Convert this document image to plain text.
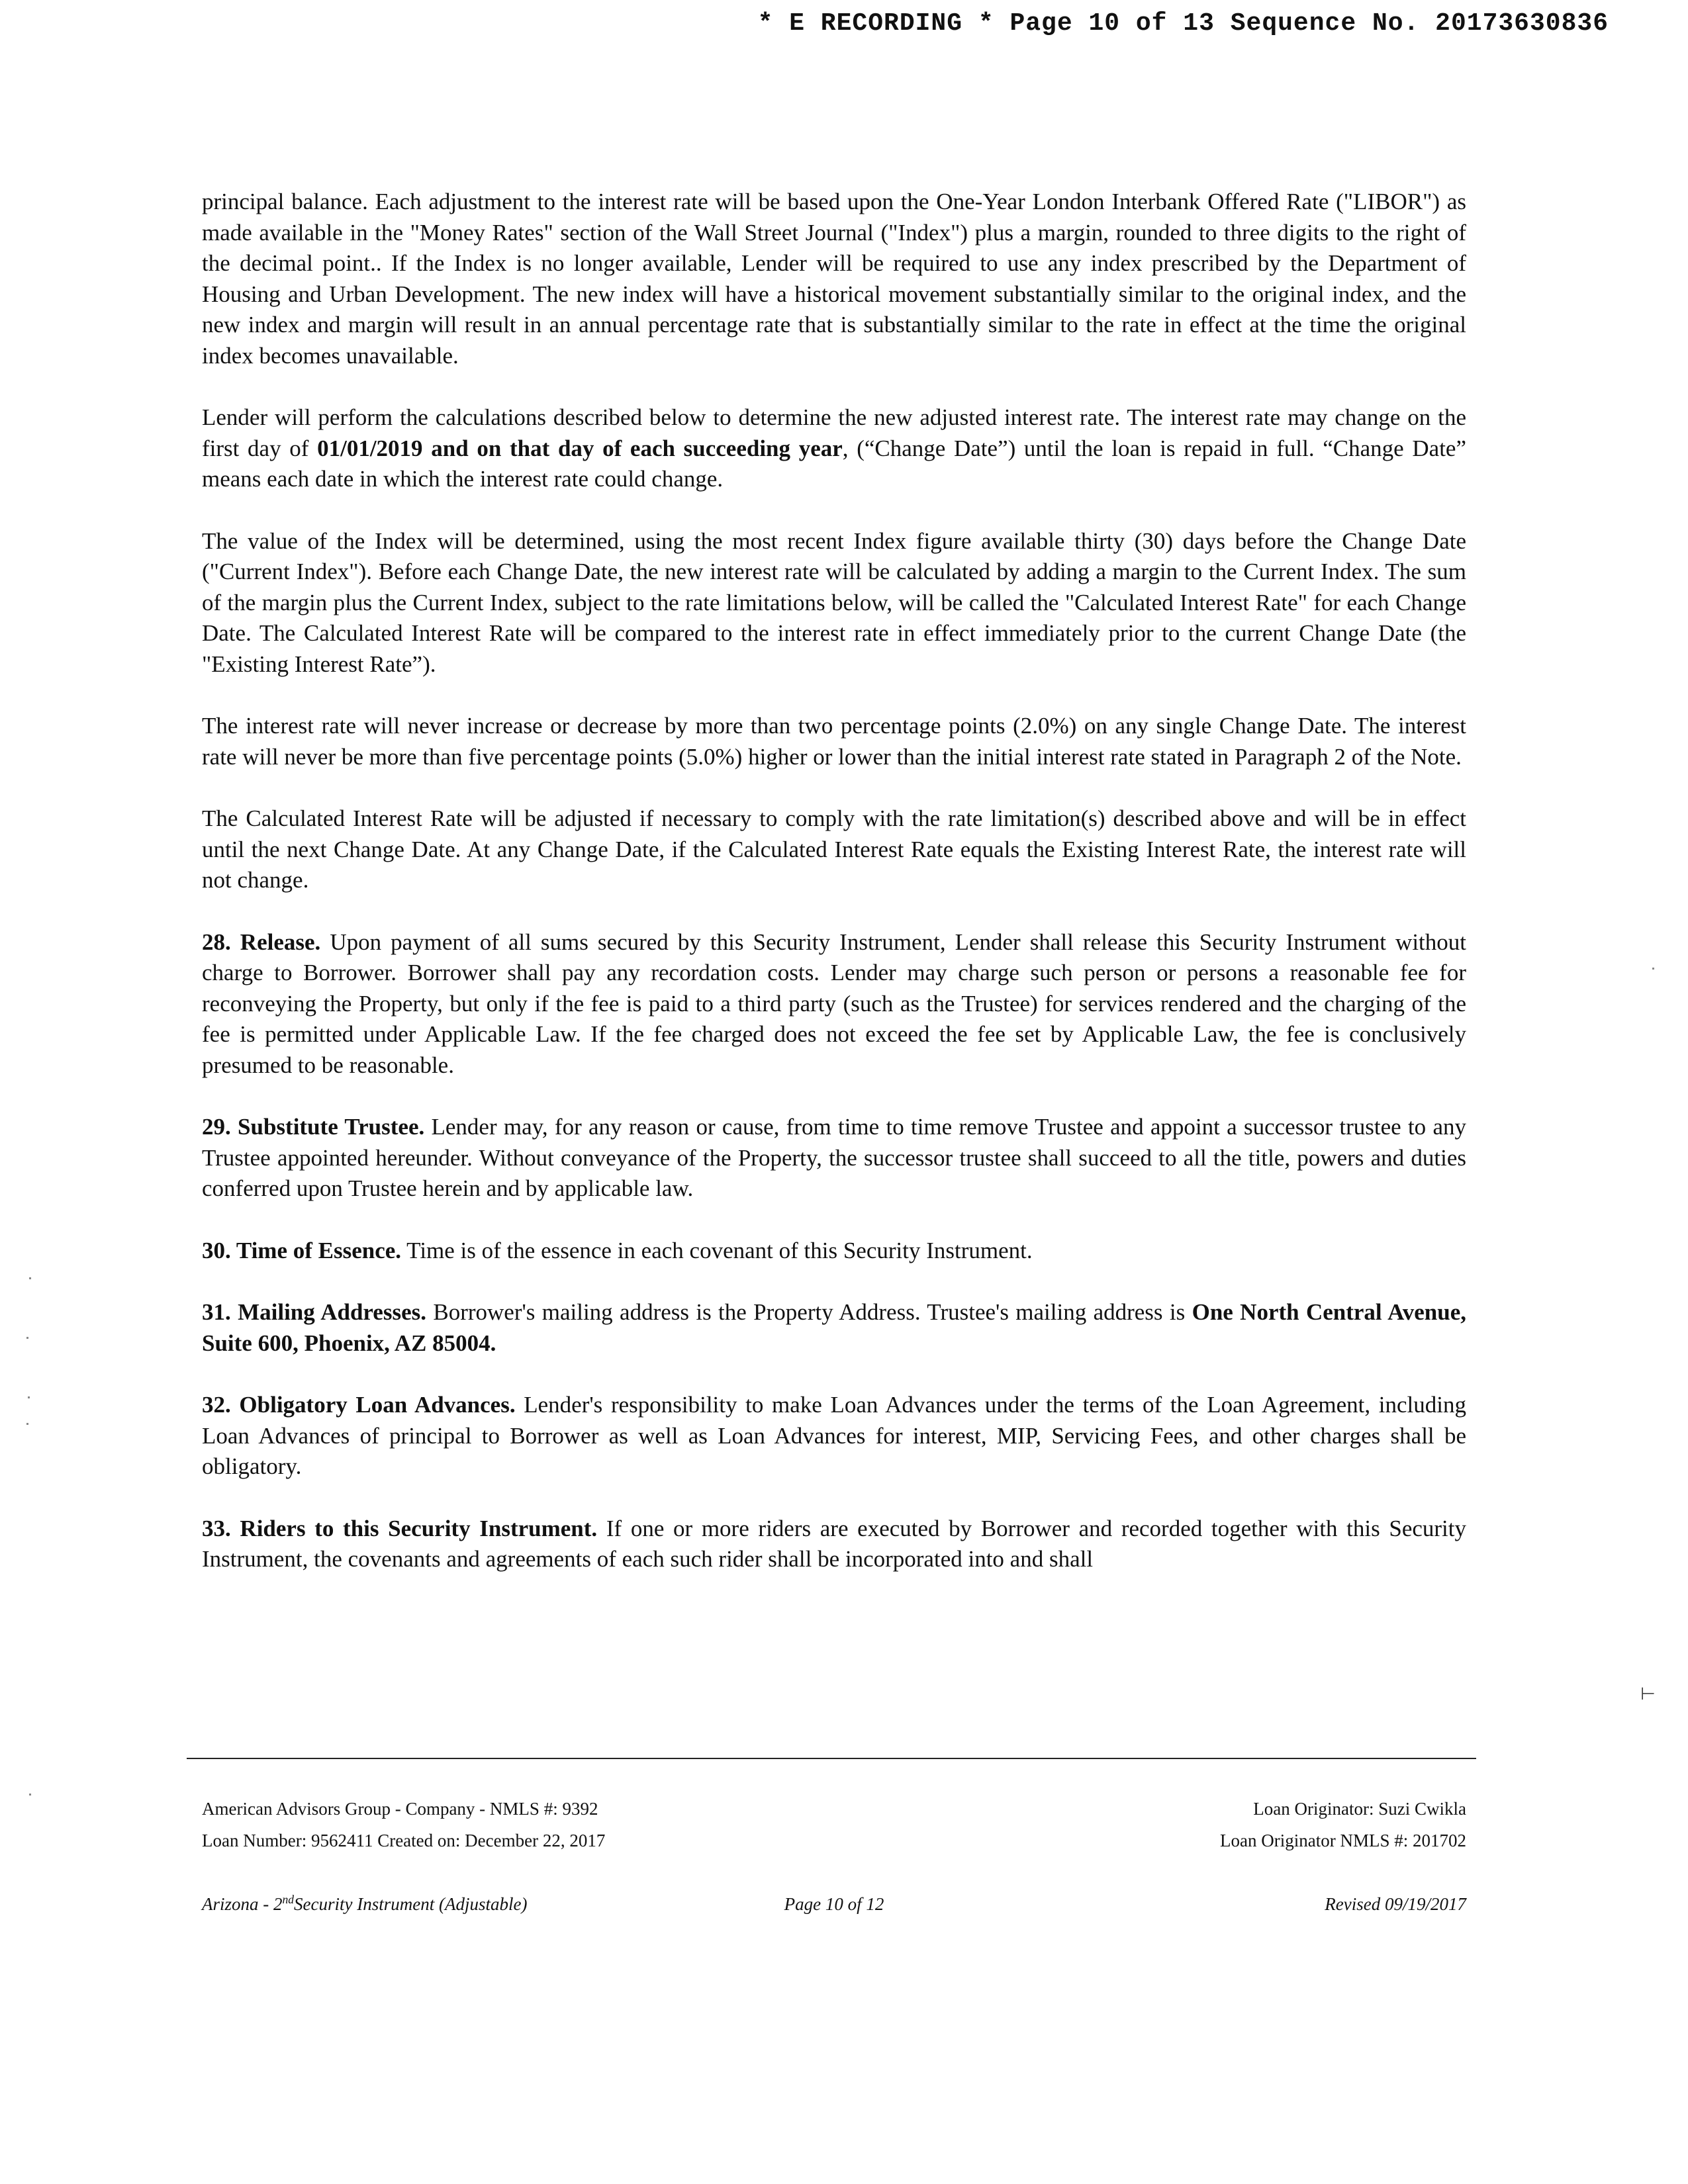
* E RECORDING * Page 10 of 13 Sequence No. 20173630836

principal balance. Each adjustment to the interest rate will be based upon the One-Year London Interbank Offered Rate ("LIBOR") as made available in the "Money Rates" section of the Wall Street Journal ("Index") plus a margin, rounded to three digits to the right of the decimal point.. If the Index is no longer available, Lender will be required to use any index prescribed by the Department of Housing and Urban Development. The new index will have a historical movement substantially similar to the original index, and the new index and margin will result in an annual percentage rate that is substantially similar to the rate in effect at the time the original index becomes unavailable.

Lender will perform the calculations described below to determine the new adjusted interest rate. The interest rate may change on the first day of 01/01/2019 and on that day of each succeeding year, (“Change Date”) until the loan is repaid in full. “Change Date” means each date in which the interest rate could change.

The value of the Index will be determined, using the most recent Index figure available thirty (30) days before the Change Date ("Current Index"). Before each Change Date, the new interest rate will be calculated by adding a margin to the Current Index. The sum of the margin plus the Current Index, subject to the rate limitations below, will be called the "Calculated Interest Rate" for each Change Date. The Calculated Interest Rate will be compared to the interest rate in effect immediately prior to the current Change Date (the "Existing Interest Rate”).

The interest rate will never increase or decrease by more than two percentage points (2.0%) on any single Change Date. The interest rate will never be more than five percentage points (5.0%) higher or lower than the initial interest rate stated in Paragraph 2 of the Note.

The Calculated Interest Rate will be adjusted if necessary to comply with the rate limitation(s) described above and will be in effect until the next Change Date. At any Change Date, if the Calculated Interest Rate equals the Existing Interest Rate, the interest rate will not change.

28. Release. Upon payment of all sums secured by this Security Instrument, Lender shall release this Security Instrument without charge to Borrower. Borrower shall pay any recordation costs. Lender may charge such person or persons a reasonable fee for reconveying the Property, but only if the fee is paid to a third party (such as the Trustee) for services rendered and the charging of the fee is permitted under Applicable Law. If the fee charged does not exceed the fee set by Applicable Law, the fee is conclusively presumed to be reasonable.

29. Substitute Trustee. Lender may, for any reason or cause, from time to time remove Trustee and appoint a successor trustee to any Trustee appointed hereunder. Without conveyance of the Property, the successor trustee shall succeed to all the title, powers and duties conferred upon Trustee herein and by applicable law.

30. Time of Essence. Time is of the essence in each covenant of this Security Instrument.

31. Mailing Addresses. Borrower's mailing address is the Property Address. Trustee's mailing address is One North Central Avenue, Suite 600, Phoenix, AZ 85004.

32. Obligatory Loan Advances. Lender's responsibility to make Loan Advances under the terms of the Loan Agreement, including Loan Advances of principal to Borrower as well as Loan Advances for interest, MIP, Servicing Fees, and other charges shall be obligatory.

33. Riders to this Security Instrument. If one or more riders are executed by Borrower and recorded together with this Security Instrument, the covenants and agreements of each such rider shall be incorporated into and shall

American Advisors Group - Company - NMLS #: 9392	Loan Originator: Suzi Cwikla
Loan Number: 9562411 Created on: December 22, 2017	Loan Originator NMLS #: 201702
Arizona - 2ndSecurity Instrument (Adjustable)	Page 10 of 12	Revised 09/19/2017
⊢
